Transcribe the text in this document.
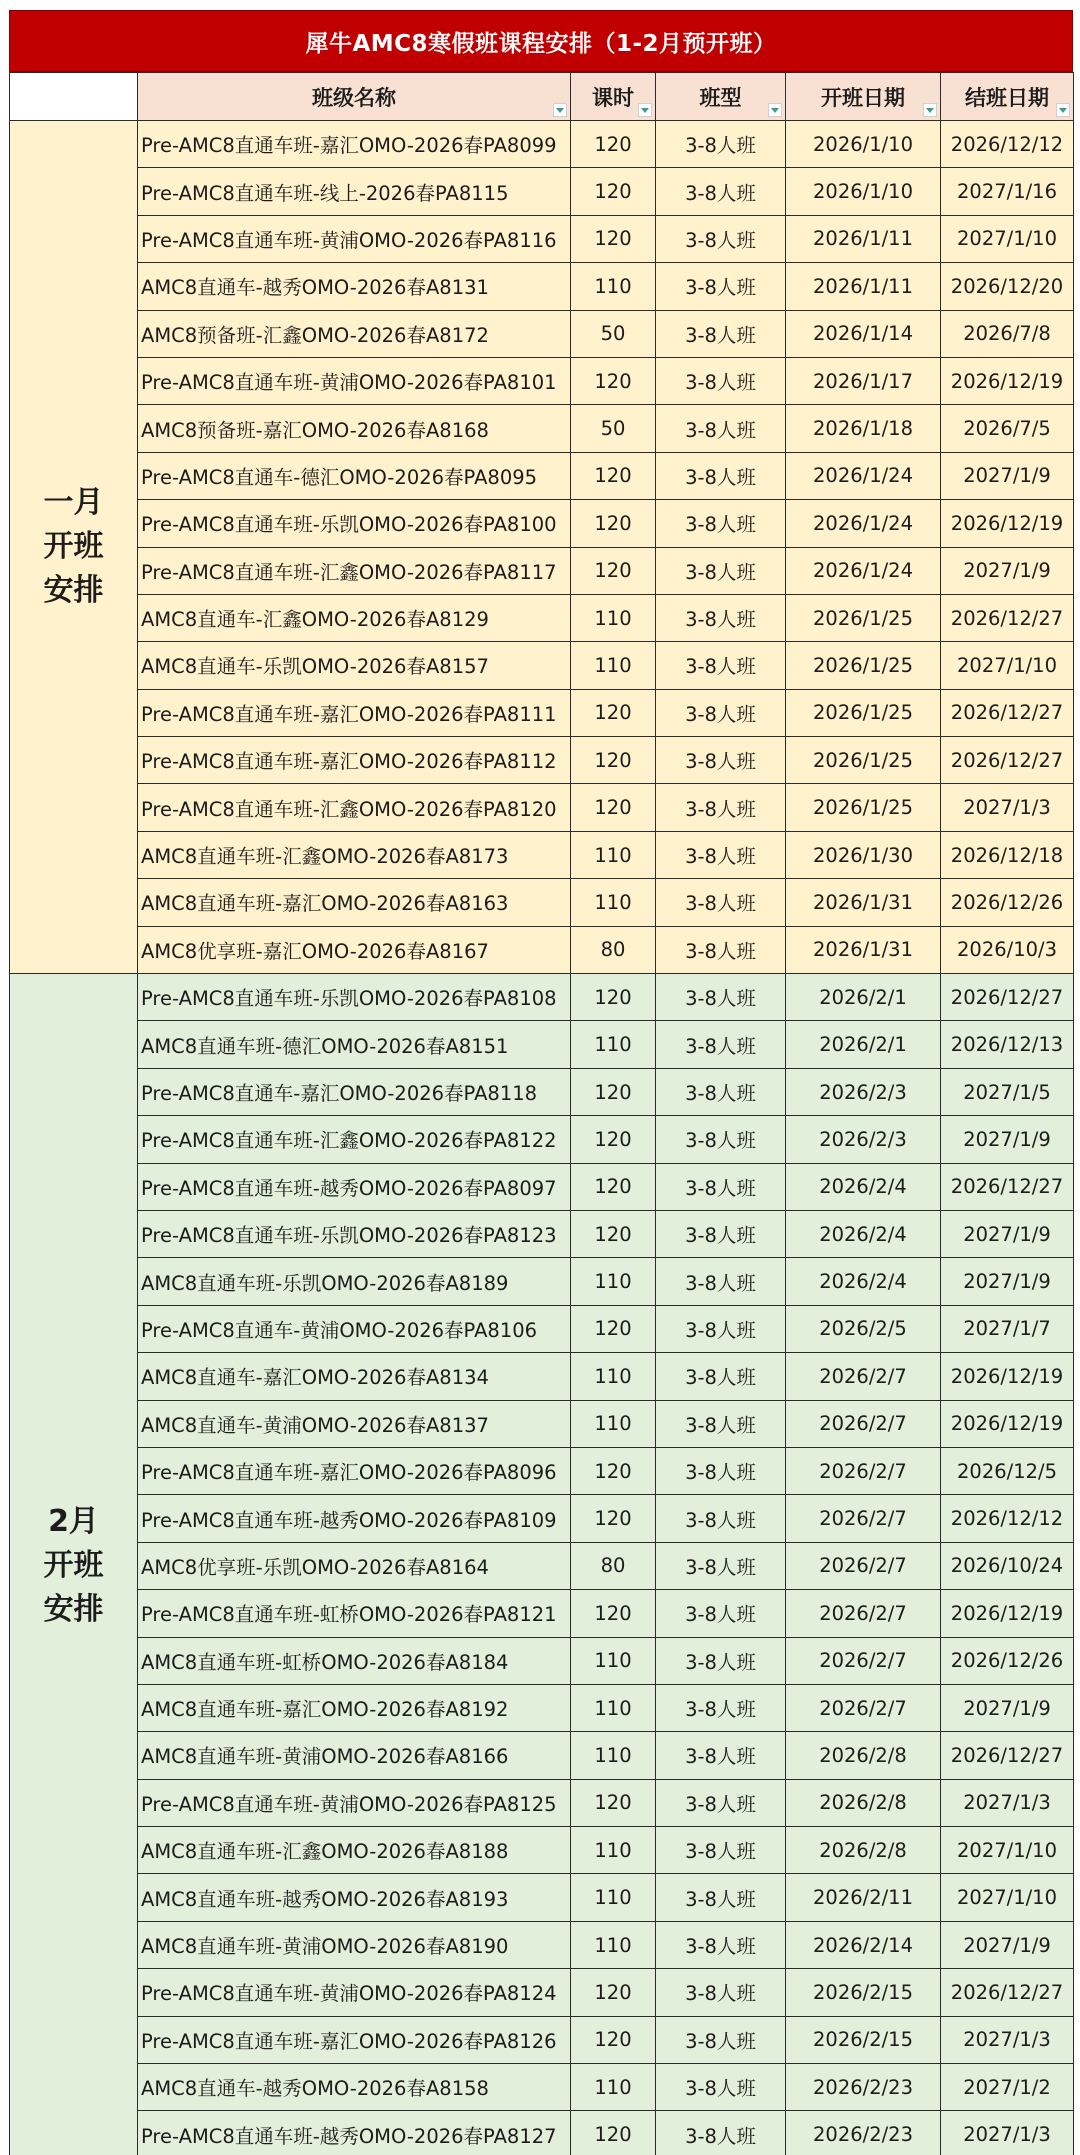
犀牛AMC8寒假班课程安排（1-2月预开班）
	班级名称	课时	班型	开班日期	结班日期

一月
开班
安排	Pre-AMC8直通车班-嘉汇OMO-2026春PA8099	120	3-8人班	2026/1/10	2026/12/12
	Pre-AMC8直通车班-线上-2026春PA8115	120	3-8人班	2026/1/10	2027/1/16
	Pre-AMC8直通车班-黄浦OMO-2026春PA8116	120	3-8人班	2026/1/11	2027/1/10
	AMC8直通车-越秀OMO-2026春A8131	110	3-8人班	2026/1/11	2026/12/20
	AMC8预备班-汇鑫OMO-2026春A8172	50	3-8人班	2026/1/14	2026/7/8
	Pre-AMC8直通车班-黄浦OMO-2026春PA8101	120	3-8人班	2026/1/17	2026/12/19
	AMC8预备班-嘉汇OMO-2026春A8168	50	3-8人班	2026/1/18	2026/7/5
	Pre-AMC8直通车-德汇OMO-2026春PA8095	120	3-8人班	2026/1/24	2027/1/9
	Pre-AMC8直通车班-乐凯OMO-2026春PA8100	120	3-8人班	2026/1/24	2026/12/19
	Pre-AMC8直通车班-汇鑫OMO-2026春PA8117	120	3-8人班	2026/1/24	2027/1/9
	AMC8直通车-汇鑫OMO-2026春A8129	110	3-8人班	2026/1/25	2026/12/27
	AMC8直通车-乐凯OMO-2026春A8157	110	3-8人班	2026/1/25	2027/1/10
	Pre-AMC8直通车班-嘉汇OMO-2026春PA8111	120	3-8人班	2026/1/25	2026/12/27
	Pre-AMC8直通车班-嘉汇OMO-2026春PA8112	120	3-8人班	2026/1/25	2026/12/27
	Pre-AMC8直通车班-汇鑫OMO-2026春PA8120	120	3-8人班	2026/1/25	2027/1/3
	AMC8直通车班-汇鑫OMO-2026春A8173	110	3-8人班	2026/1/30	2026/12/18
	AMC8直通车班-嘉汇OMO-2026春A8163	110	3-8人班	2026/1/31	2026/12/26
	AMC8优享班-嘉汇OMO-2026春A8167	80	3-8人班	2026/1/31	2026/10/3

2月
开班
安排	Pre-AMC8直通车班-乐凯OMO-2026春PA8108	120	3-8人班	2026/2/1	2026/12/27
	AMC8直通车班-德汇OMO-2026春A8151	110	3-8人班	2026/2/1	2026/12/13
	Pre-AMC8直通车-嘉汇OMO-2026春PA8118	120	3-8人班	2026/2/3	2027/1/5
	Pre-AMC8直通车班-汇鑫OMO-2026春PA8122	120	3-8人班	2026/2/3	2027/1/9
	Pre-AMC8直通车班-越秀OMO-2026春PA8097	120	3-8人班	2026/2/4	2026/12/27
	Pre-AMC8直通车班-乐凯OMO-2026春PA8123	120	3-8人班	2026/2/4	2027/1/9
	AMC8直通车班-乐凯OMO-2026春A8189	110	3-8人班	2026/2/4	2027/1/9
	Pre-AMC8直通车-黄浦OMO-2026春PA8106	120	3-8人班	2026/2/5	2027/1/7
	AMC8直通车-嘉汇OMO-2026春A8134	110	3-8人班	2026/2/7	2026/12/19
	AMC8直通车-黄浦OMO-2026春A8137	110	3-8人班	2026/2/7	2026/12/19
	Pre-AMC8直通车班-嘉汇OMO-2026春PA8096	120	3-8人班	2026/2/7	2026/12/5
	Pre-AMC8直通车班-越秀OMO-2026春PA8109	120	3-8人班	2026/2/7	2026/12/12
	AMC8优享班-乐凯OMO-2026春A8164	80	3-8人班	2026/2/7	2026/10/24
	Pre-AMC8直通车班-虹桥OMO-2026春PA8121	120	3-8人班	2026/2/7	2026/12/19
	AMC8直通车班-虹桥OMO-2026春A8184	110	3-8人班	2026/2/7	2026/12/26
	AMC8直通车班-嘉汇OMO-2026春A8192	110	3-8人班	2026/2/7	2027/1/9
	AMC8直通车班-黄浦OMO-2026春A8166	110	3-8人班	2026/2/8	2026/12/27
	Pre-AMC8直通车班-黄浦OMO-2026春PA8125	120	3-8人班	2026/2/8	2027/1/3
	AMC8直通车班-汇鑫OMO-2026春A8188	110	3-8人班	2026/2/8	2027/1/10
	AMC8直通车班-越秀OMO-2026春A8193	110	3-8人班	2026/2/11	2027/1/10
	AMC8直通车班-黄浦OMO-2026春A8190	110	3-8人班	2026/2/14	2027/1/9
	Pre-AMC8直通车班-黄浦OMO-2026春PA8124	120	3-8人班	2026/2/15	2026/12/27
	Pre-AMC8直通车班-嘉汇OMO-2026春PA8126	120	3-8人班	2026/2/15	2027/1/3
	AMC8直通车-越秀OMO-2026春A8158	110	3-8人班	2026/2/23	2027/1/2
	Pre-AMC8直通车班-越秀OMO-2026春PA8127	120	3-8人班	2026/2/23	2027/1/3
